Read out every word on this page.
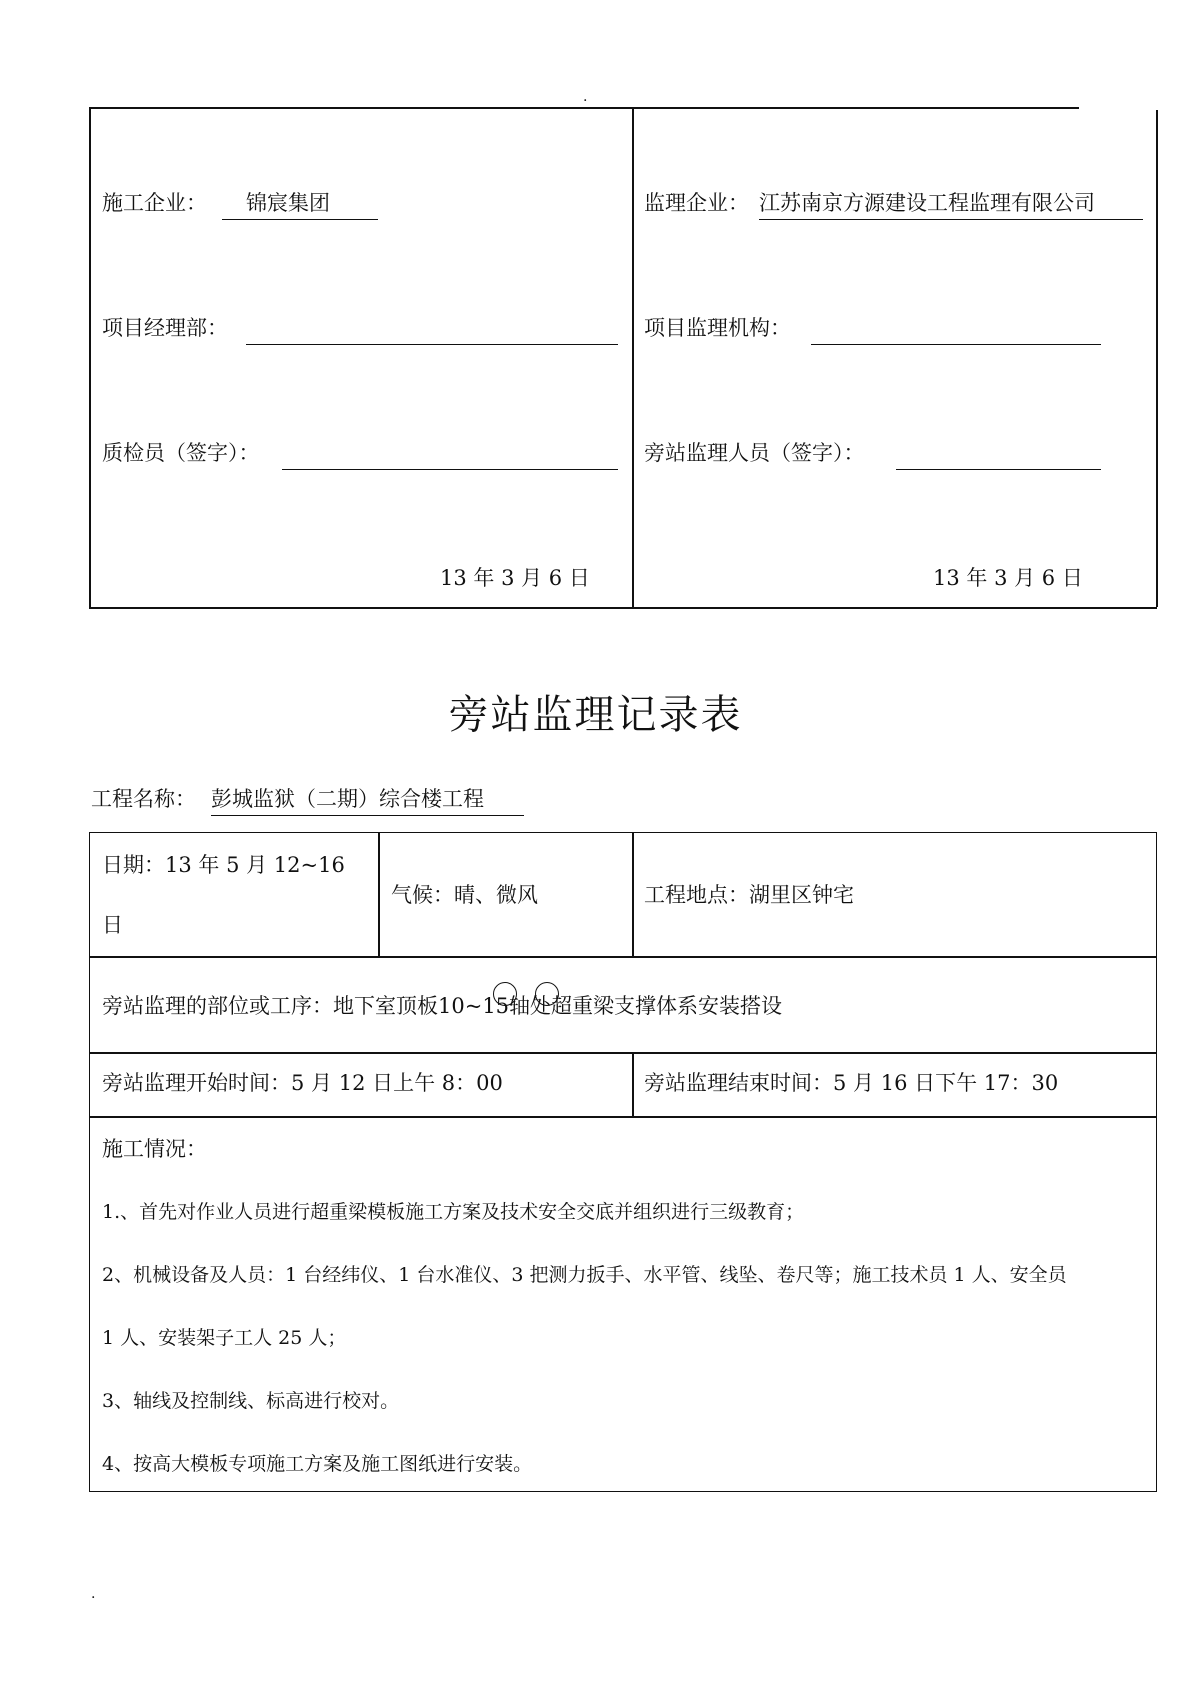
.
施工企业： 锦宸集团
项目经理部：
质检员（签字）：
13 年 3 月 6 日
监理企业： 江苏南京方源建设工程监理有限公司
项目监理机构：
旁站监理人员（签字）：
13 年 3 月 6 日
旁站监理记录表
工程名称： 彭城监狱（二期）综合楼工程
日期：13 年 5 月 12~16
日
气候：晴、微风	工程地点：湖里区钟宅
旁站监理的部位或工序：地下室顶板10~15轴处超重梁支撑体系安装搭设
旁站监理开始时间：5 月 12 日上午 8：00	旁站监理结束时间：5 月 16 日下午 17：30
施工情况：
1.、首先对作业人员进行超重梁模板施工方案及技术安全交底并组织进行三级教育；
2、机械设备及人员：1 台经纬仪、1 台水准仪、3 把测力扳手、水平管、线坠、卷尺等；施工技术员 1 人、安全员
1 人、安装架子工人 25 人；
3、轴线及控制线、标高进行校对。
4、按高大模板专项施工方案及施工图纸进行安装。
.
